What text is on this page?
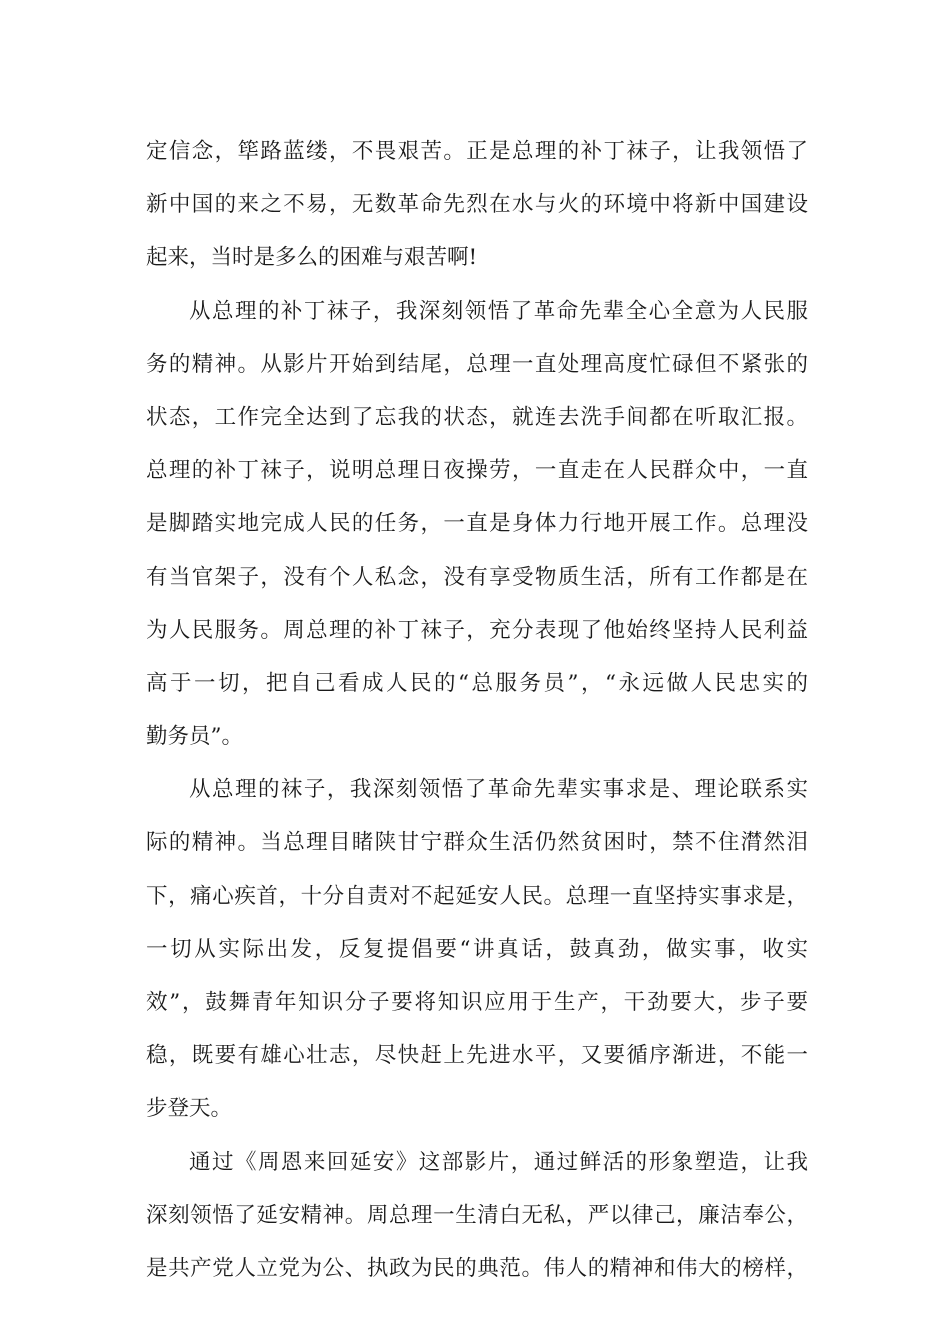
定信念，筚路蓝缕，不畏艰苦。正是总理的补丁袜子，让我领悟了
新中国的来之不易，无数革命先烈在水与火的环境中将新中国建设
起来，当时是多么的困难与艰苦啊!
从总理的补丁袜子，我深刻领悟了革命先辈全心全意为人民服
务的精神。从影片开始到结尾，总理一直处理高度忙碌但不紧张的
状态，工作完全达到了忘我的状态，就连去洗手间都在听取汇报。
总理的补丁袜子，说明总理日夜操劳，一直走在人民群众中，一直
是脚踏实地完成人民的任务，一直是身体力行地开展工作。总理没
有当官架子，没有个人私念，没有享受物质生活，所有工作都是在
为人民服务。周总理的补丁袜子，充分表现了他始终坚持人民利益
高于一切，把自己看成人民的“总服务员”，“永远做人民忠实的
勤务员”。
从总理的袜子，我深刻领悟了革命先辈实事求是、理论联系实
际的精神。当总理目睹陕甘宁群众生活仍然贫困时，禁不住潸然泪
下，痛心疾首，十分自责对不起延安人民。总理一直坚持实事求是，
一切从实际出发，反复提倡要“讲真话，鼓真劲，做实事，收实
效”，鼓舞青年知识分子要将知识应用于生产，干劲要大，步子要
稳，既要有雄心壮志，尽快赶上先进水平，又要循序渐进，不能一
步登天。
通过《周恩来回延安》这部影片，通过鲜活的形象塑造，让我
深刻领悟了延安精神。周总理一生清白无私，严以律己，廉洁奉公，
是共产党人立党为公、执政为民的典范。伟人的精神和伟大的榜样，
